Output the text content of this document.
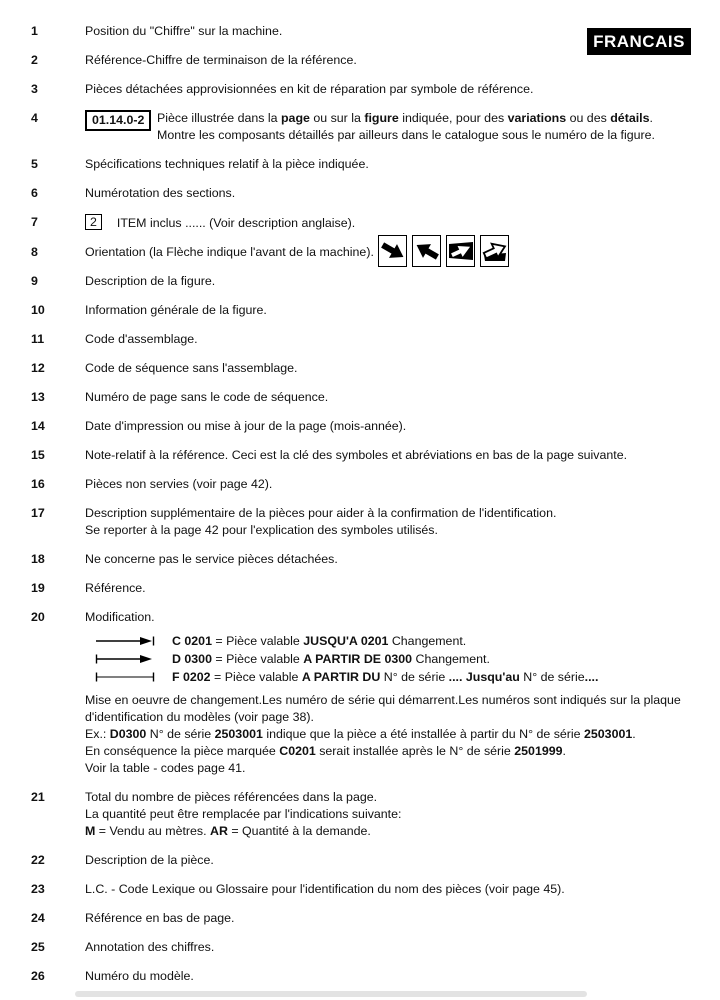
FRANCAIS
1	Position du "Chiffre" sur la machine.
2	Référence-Chiffre de terminaison de la référence.
3	Pièces détachées approvisionnées en kit de réparation par symbole de référence.
4	01.14.0-2	Pièce illustrée dans la page ou sur la figure indiquée, pour des variations ou des détails.
Montre les composants détaillés par ailleurs dans le catalogue sous le numéro de la figure.
5	Spécifications techniques relatif à la pièce indiquée.
6	Numérotation des sections.
7	2 ITEM inclus ...... (Voir description anglaise).
8	Orientation (la Flèche indique l'avant de la machine).
9	Description de la figure.
10	Information générale de la figure.
11	Code d'assemblage.
12	Code de séquence sans l'assemblage.
13	Numéro de page sans le code de séquence.
14	Date d'impression ou mise à jour de la page (mois-année).
15	Note-relatif à la référence. Ceci est la clé des symboles et abréviations en bas de la page suivante.
16	Pièces non servies (voir page 42).
17	Description supplémentaire de la pièces pour aider à la confirmation de l'identification.
Se reporter à la page 42 pour l'explication des symboles utilisés.
18	Ne concerne pas le service pièces détachées.
19	Référence.
20	Modification.
C 0201 = Pièce valable JUSQU'A 0201 Changement.
D 0300 = Pièce valable A PARTIR DE 0300 Changement.
F 0202 = Pièce valable A PARTIR DU N° de série .... Jusqu'au N° de série....
Mise en oeuvre de changement.Les numéro de série qui démarrent.Les numéros sont indiqués sur la plaque
d'identification du modèles (voir page 38).
Ex.: D0300 N° de série 2503001 indique que la pièce a été installée à partir du N° de série 2503001.
En conséquence la pièce marquée C0201 serait installée après le N° de série 2501999.
Voir la table - codes page 41.
21	Total du nombre de pièces référencées dans la page.
La quantité peut être remplacée par l'indications suivante:
M = Vendu au mètres. AR = Quantité à la demande.
22	Description de la pièce.
23	L.C. - Code Lexique ou Glossaire pour l'identification du nom des pièces (voir page 45).
24	Référence en bas de page.
25	Annotation des chiffres.
26	Numéro du modèle.
